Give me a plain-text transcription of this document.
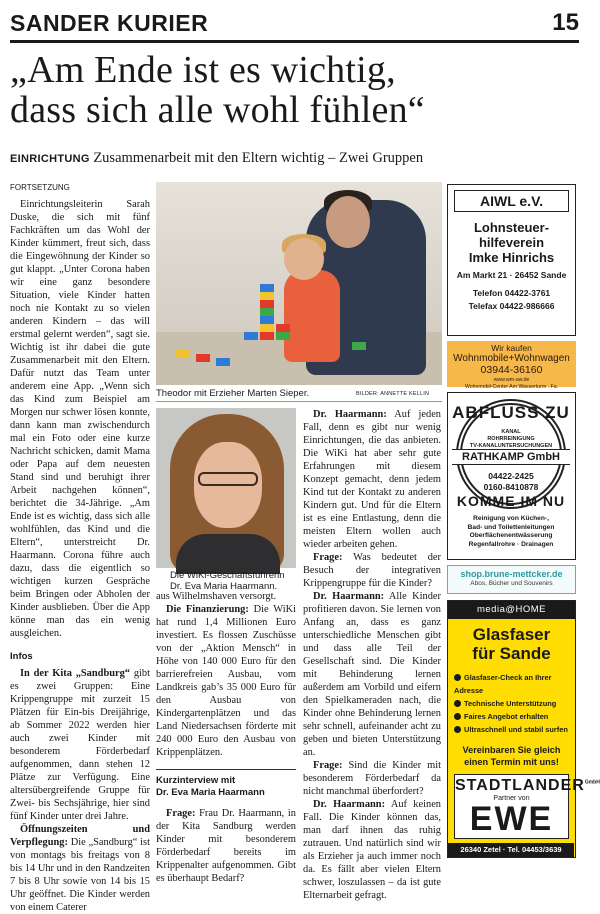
SANDER KURIER	15
„Am Ende ist es wichtig,
dass sich alle wohl fühlen“
EINRICHTUNG Zusammenarbeit mit den Eltern wichtig – Zwei Gruppen
FORTSETZUNG

Einrichtungsleiterin Sarah Duske, die sich mit fünf Fachkräften um das Wohl der Kinder kümmert, freut sich, dass die Eingewöhnung der Kinder so gut klappt. „Unter Corona haben wir eine ganz besondere Situation, viele Kinder hatten noch nie Kontakt zu so vielen anderen Kindern – das will erstmal gelernt werden“, sagt sie. Wichtig ist ihr dabei die gute Zusammenarbeit mit den Eltern. Dafür nutzt das Team unter anderem eine App. „Wenn sich das Kind zum Beispiel am Morgen nur schwer lösen konnte, dann kann man zwischendurch mal ein Foto oder eine kurze Nachricht schicken, damit Mama oder Papa auf dem neuesten Stand sind und beruhigt ihrer Arbeit nachgehen können“, berichtet die 34-Jährige. „Am Ende ist es wichtig, dass sich alle wohlfühlen, das Kind und die Eltern“, unterstreicht Dr. Haarmann. Corona führe auch dazu, dass die eigentlich so wichtigen kurzen Gespräche beim Bringen oder Abholen der Kinder ausblieben. Über die App könne man das ein wenig ausgleichen.

Infos

In der Kita „Sandburg“ gibt es zwei Gruppen: Eine Krippengruppe mit zurzeit 15 Plätzen für Ein-bis Dreijährige, ab Sommer 2022 werden hier auch zwei Kinder mit besonderem Förderbedarf aufgenommen, dann stehen 12 Plätze zur Verfügung. Eine altersübergreifende Gruppe für Zwei- bis Sechsjährige, hier sind fünf Kinder unter drei Jahre.

Öffnungszeiten und Verpflegung: Die „Sandburg“ ist von montags bis freitags von 8 bis 14 Uhr und in den Randzeiten 7 bis 8 Uhr sowie von 14 bis 15 Uhr geöffnet. Die Kinder werden von einem Caterer

Theodor mit Erzieher Marten Sieper.	BILDER: ANNETTE KELLIN
Die WiKi-Geschäftsführerin
Dr. Eva Maria Haarmann.

aus Wilhelmshaven versorgt.

Die Finanzierung: Die WiKi hat rund 1,4 Millionen Euro investiert. Es flossen Zuschüsse von der „Aktion Mensch“ in Höhe von 140 000 Euro für den barrierefreien Ausbau, vom Landkreis gab’s 35 000 Euro für den Ausbau von Kindergartenplätzen und das Land Niedersachsen förderte mit 240 000 Euro den Ausbau von Krippenplätzen.

Kurzinterview mit
Dr. Eva Maria Haarmann

Frage: Frau Dr. Haarmann, in der Kita Sandburg werden Kinder mit besonderem Förderbedarf bereits im Krippenalter aufgenommen. Gibt es überhaupt Bedarf?

Dr. Haarmann: Auf jeden Fall, denn es gibt nur wenig Einrichtungen, die das anbieten. Die WiKi hat aber sehr gute Erfahrungen mit diesem Konzept gemacht, denn jedem Kind tut der Kontakt zu anderen Kindern gut. Und für die Eltern ist es eine Entlastung, denn die meisten Eltern wollen auch wieder arbeiten gehen.

Frage: Was bedeutet der Besuch der integrativen Krippengruppe für die Kinder?

Dr. Haarmann: Alle Kinder profitieren davon. Sie lernen von Anfang an, dass es ganz unterschiedliche Menschen gibt und dass alle Teil der Gesellschaft sind. Die Kinder mit Behinderung lernen außerdem am Vorbild und eifern den Spielkameraden nach, die Kinder ohne Behinderung lernen sehr schnell, aufeinander acht zu geben und bieten Unterstützung an.

Frage: Sind die Kinder mit besonderem Förderbedarf da nicht manchmal überfordert?

Dr. Haarmann: Auf keinen Fall. Die Kinder können das, man darf ihnen das ruhig zutrauen. Und natürlich sind wir als Erzieher ja auch immer noch da. Es fällt aber vielen Eltern schwer, loszulassen – da ist gute Elternarbeit gefragt.

AIWL e.V.
Lohnsteuer-
hilfeverein
Imke Hinrichs
Am Markt 21 · 26452 Sande
Telefon 04422-3761
Telefax 04422-986666
Wir kaufen
Wohnmobile+Wohnwagen
03944-36160
www.wm-aw.de
Wohnmobil-Center Am Wasserturm . Fa.
ABFLUSS ZU
KANAL
ROHRREINIGUNG
TV-KANALUNTERSUCHUNGEN
RATHKAMP GmbH
04422-2425
0160-8410878
KOMME IM NU
Reinigung von Küchen-,
Bad- und Toilettenleitungen
Oberflächenentwässerung
Regenfallrohre · Drainagen
shop.brune-mettcker.de
Abos, Bücher und Souvenirs
media@HOME
Glasfaser
für Sande
Glasfaser-Check an Ihrer Adresse
Technische Unterstützung
Faires Angebot erhalten
Ultraschnell und stabil surfen
Vereinbaren Sie gleich
einen Termin mit uns!
$STADTLANDER^{GmbH}$
Partner von
EWE
26340 Zetel · Tel. 04453/3639
